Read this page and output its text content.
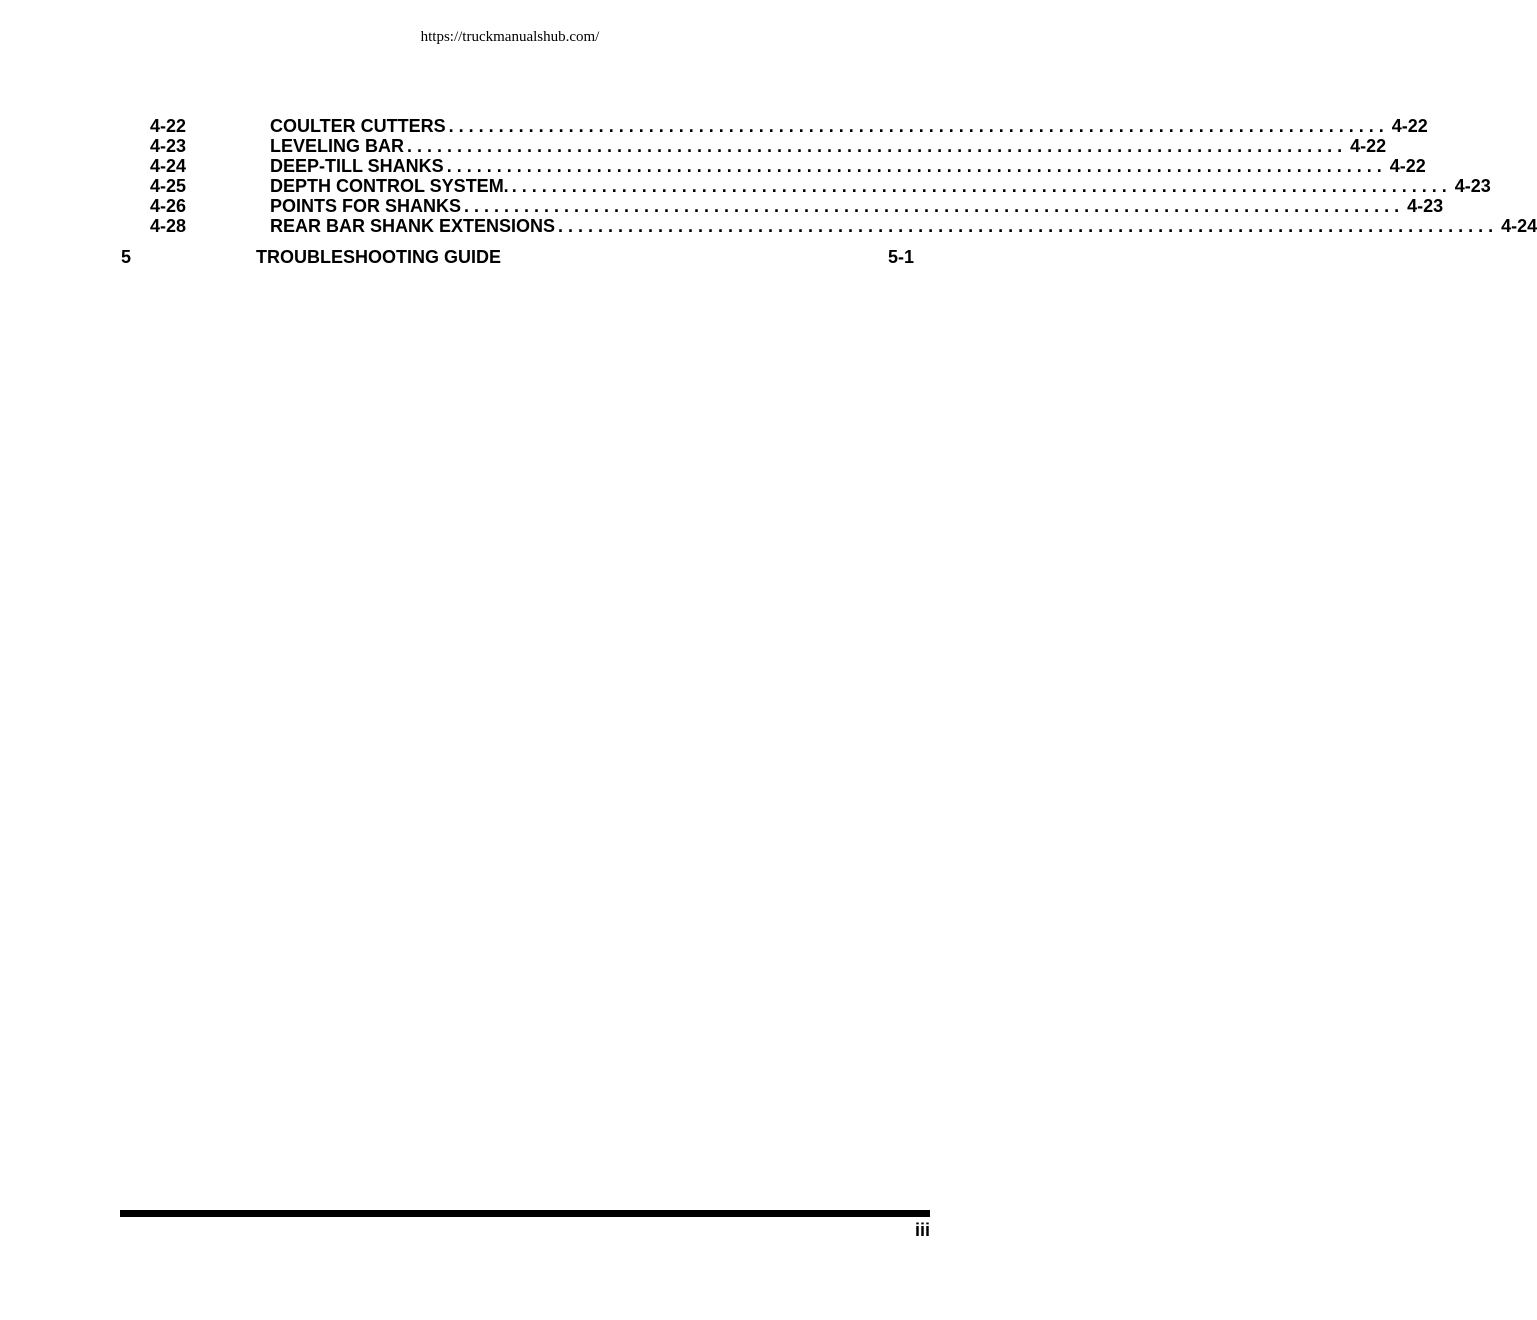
https://truckmanualshub.com/
4-22	COULTER CUTTERS .............................................................................................. 4-22
4-23	LEVELING BAR .............................................................................................. 4-22
4-24	DEEP-TILL SHANKS .............................................................................................. 4-22
4-25	DEPTH CONTROL SYSTEM. .............................................................................................. 4-23
4-26	POINTS FOR SHANKS .............................................................................................. 4-23
4-28	REAR BAR SHANK EXTENSIONS .............................................................................................. 4-24
5	TROUBLESHOOTING GUIDE	5-1
iii
